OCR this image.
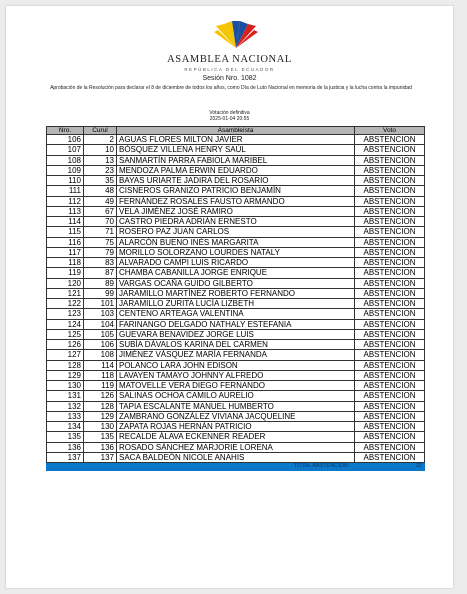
ASAMBLEA NACIONAL
REPÚBLICA DEL ECUADOR
Sesión Nro. 1082
Aprobación de la Resolución para declarar el 8 de diciembre de todos los años, como Día de Luto Nacional en memoria de la justicia y la lucha contra la impunidad
Votación definitiva
2025-01-04 20:55
Nro.	Curul	Asambleísta	Voto
106	2	AGUAS FLORES MILTON JAVIER	ABSTENCION
107	10	BÓSQUEZ VILLENA HENRY SAÚL	ABSTENCION
108	13	SANMARTÍN PARRA FABIOLA MARIBEL	ABSTENCION
109	23	MENDOZA PALMA ERWIN EDUARDO	ABSTENCION
110	35	BAYAS URIARTE JADIRA DEL ROSARIO	ABSTENCION
111	48	CISNEROS GRANIZO PATRICIO BENJAMÍN	ABSTENCION
112	49	FERNÁNDEZ ROSALES FAUSTO ARMANDO	ABSTENCION
113	67	VELA JIMÉNEZ JOSÉ RAMIRO	ABSTENCION
114	70	CASTRO PIEDRA ADRIÁN ERNESTO	ABSTENCION
115	71	ROSERO PAZ JUAN CARLOS	ABSTENCION
116	75	ALARCÓN BUENO INÉS MARGARITA	ABSTENCION
117	79	MORILLO SOLORZANO LOURDES NATALY	ABSTENCION
118	83	ALVARADO CAMPI LUIS RICARDO	ABSTENCION
119	87	CHAMBA CABANILLA JORGE ENRIQUE	ABSTENCION
120	89	VARGAS OCAÑA GUIDO GILBERTO	ABSTENCION
121	99	JARAMILLO MARTÍNEZ ROBERTO FERNANDO	ABSTENCION
122	101	JARAMILLO ZURITA LUCÍA LIZBETH	ABSTENCION
123	103	CENTENO ARTEAGA VALENTINA	ABSTENCION
124	104	FARINANGO DELGADO NATHALY ESTEFANIA	ABSTENCION
125	105	GUEVARA BENAVIDEZ JORGE LUIS	ABSTENCION
126	106	SUBÍA DÁVALOS KARINA DEL CARMEN	ABSTENCION
127	108	JIMÉNEZ VÁSQUEZ MARÍA FERNANDA	ABSTENCION
128	114	POLANCO LARA JOHN EDISON	ABSTENCION
129	118	LAVAYEN TAMAYO JOHNNY ALFREDO	ABSTENCION
130	119	MATOVELLE VERA DIEGO FERNANDO	ABSTENCION
131	126	SALINAS OCHOA CAMILO AURELIO	ABSTENCION
132	128	TAPIA ESCALANTE MANUEL HUMBERTO	ABSTENCION
133	129	ZAMBRANO GONZÁLEZ VIVIANA JACQUELINE	ABSTENCION
134	130	ZAPATA ROJAS HERNÁN PATRICIO	ABSTENCION
135	135	RECALDE ÁLAVA ECKENNER READER	ABSTENCION
136	136	ROSADO SÁNCHEZ MARJORIE LORENA	ABSTENCION
137	137	SACA BALDEÓN NICOLE ANAHIS	ABSTENCION
TOTAL ABSTENCION			32
